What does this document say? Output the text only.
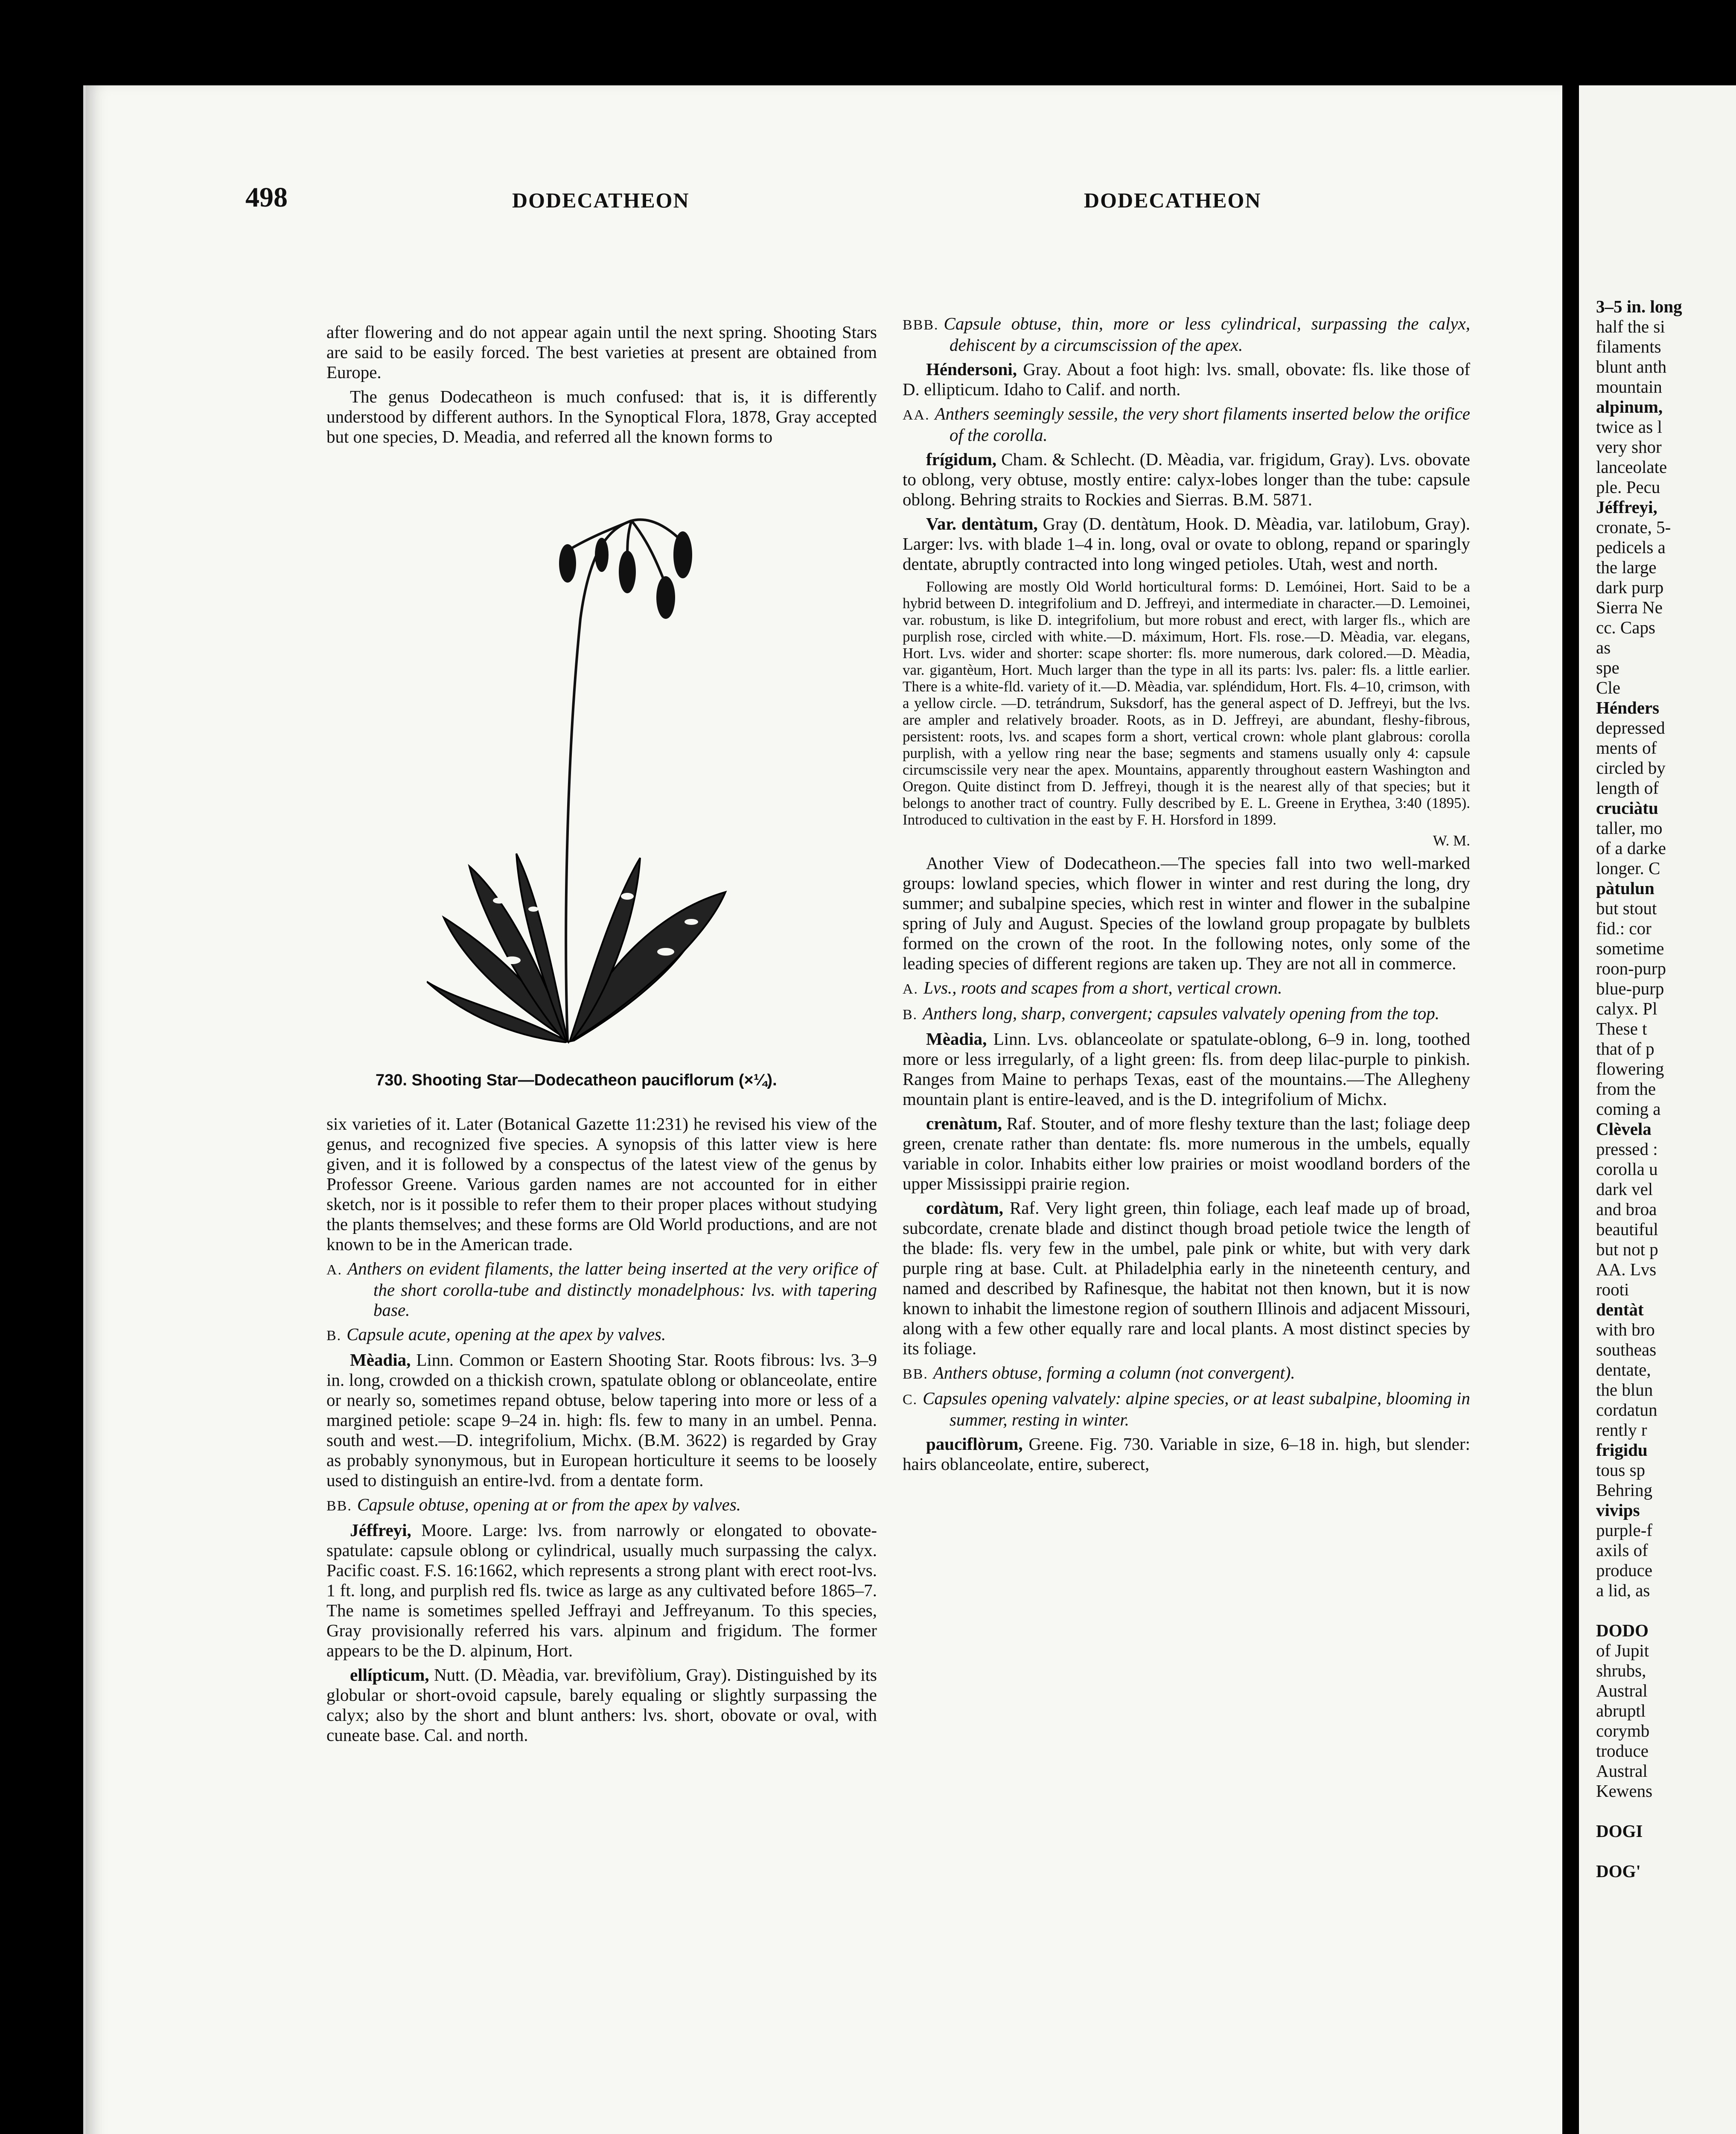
498	DODECATHEON	DODECATHEON

after flowering and do not appear again until the next spring. Shooting Stars are said to be easily forced. The best varieties at present are obtained from Europe.

The genus Dodecatheon is much confused: that is, it is differently understood by different authors. In the Synoptical Flora, 1878, Gray accepted but one species, D. Meadia, and referred all the known forms to

730. Shooting Star—Dodecatheon pauciflorum (×¼).

six varieties of it. Later (Botanical Gazette 11:231) he revised his view of the genus, and recognized five species. A synopsis of this latter view is here given, and it is followed by a conspectus of the latest view of the genus by Professor Greene. Various garden names are not accounted for in either sketch, nor is it possible to refer them to their proper places without studying the plants themselves; and these forms are Old World productions, and are not known to be in the American trade.

A. Anthers on evident filaments, the latter being inserted at the very orifice of the short corolla-tube and distinctly monadelphous: lvs. with tapering base.
B. Capsule acute, opening at the apex by valves.

Mèadia, Linn. Common or Eastern Shooting Star. Roots fibrous: lvs. 3–9 in. long, crowded on a thickish crown, spatulate oblong or oblanceolate, entire or nearly so, sometimes repand obtuse, below tapering into more or less of a margined petiole: scape 9–24 in. high: fls. few to many in an umbel. Penna. south and west.—D. integrifolium, Michx. (B.M. 3622) is regarded by Gray as probably synonymous, but in European horticulture it seems to be loosely used to distinguish an entire-lvd. from a dentate form.

BB. Capsule obtuse, opening at or from the apex by valves.

Jéffreyi, Moore. Large: lvs. from narrowly or elongated to obovate-spatulate: capsule oblong or cylindrical, usually much surpassing the calyx. Pacific coast. F.S. 16:1662, which represents a strong plant with erect root-lvs. 1 ft. long, and purplish red fls. twice as large as any cultivated before 1865–7. The name is sometimes spelled Jeffrayi and Jeffreyanum. To this species, Gray provisionally referred his vars. alpinum and frigidum. The former appears to be the D. alpinum, Hort.

ellípticum, Nutt. (D. Mèadia, var. brevifòlium, Gray). Distinguished by its globular or short-ovoid capsule, barely equaling or slightly surpassing the calyx; also by the short and blunt anthers: lvs. short, obovate or oval, with cuneate base. Cal. and north.

BBB. Capsule obtuse, thin, more or less cylindrical, surpassing the calyx, dehiscent by a circumscission of the apex.

Héndersoni, Gray. About a foot high: lvs. small, obovate: fls. like those of D. ellipticum. Idaho to Calif. and north.

AA. Anthers seemingly sessile, the very short filaments inserted below the orifice of the corolla.

frígidum, Cham. & Schlecht. (D. Mèadia, var. frigidum, Gray). Lvs. obovate to oblong, very obtuse, mostly entire: calyx-lobes longer than the tube: capsule oblong. Behring straits to Rockies and Sierras. B.M. 5871.

Var. dentàtum, Gray (D. dentàtum, Hook. D. Mèadia, var. latilobum, Gray). Larger: lvs. with blade 1–4 in. long, oval or ovate to oblong, repand or sparingly dentate, abruptly contracted into long winged petioles. Utah, west and north.

Following are mostly Old World horticultural forms: D. Lemóinei, Hort. Said to be a hybrid between D. integrifolium and D. Jeffreyi, and intermediate in character.—D. Lemoinei, var. robustum, is like D. integrifolium, but more robust and erect, with larger fls., which are purplish rose, circled with white.—D. máximum, Hort. Fls. rose.—D. Mèadia, var. elegans, Hort. Lvs. wider and shorter: scape shorter: fls. more numerous, dark colored.—D. Mèadia, var. gigantèum, Hort. Much larger than the type in all its parts: lvs. paler: fls. a little earlier. There is a white-fld. variety of it.—D. Mèadia, var. spléndidum, Hort. Fls. 4–10, crimson, with a yellow circle. —D. tetrándrum, Suksdorf, has the general aspect of D. Jeffreyi, but the lvs. are ampler and relatively broader. Roots, as in D. Jeffreyi, are abundant, fleshy-fibrous, persistent: roots, lvs. and scapes form a short, vertical crown: whole plant glabrous: corolla purplish, with a yellow ring near the base; segments and stamens usually only 4: capsule circumscissile very near the apex. Mountains, apparently throughout eastern Washington and Oregon. Quite distinct from D. Jeffreyi, though it is the nearest ally of that species; but it belongs to another tract of country. Fully described by E. L. Greene in Erythea, 3:40 (1895). Introduced to cultivation in the east by F. H. Horsford in 1899.

W. M.

Another View of Dodecatheon.—The species fall into two well-marked groups: lowland species, which flower in winter and rest during the long, dry summer; and subalpine species, which rest in winter and flower in the subalpine spring of July and August. Species of the lowland group propagate by bulblets formed on the crown of the root. In the following notes, only some of the leading species of different regions are taken up. They are not all in commerce.

A. Lvs., roots and scapes from a short, vertical crown.
B. Anthers long, sharp, convergent; capsules valvately opening from the top.

Mèadia, Linn. Lvs. oblanceolate or spatulate-oblong, 6–9 in. long, toothed more or less irregularly, of a light green: fls. from deep lilac-purple to pinkish. Ranges from Maine to perhaps Texas, east of the mountains.—The Allegheny mountain plant is entire-leaved, and is the D. integrifolium of Michx.

crenàtum, Raf. Stouter, and of more fleshy texture than the last; foliage deep green, crenate rather than dentate: fls. more numerous in the umbels, equally variable in color. Inhabits either low prairies or moist woodland borders of the upper Mississippi prairie region.

cordàtum, Raf. Very light green, thin foliage, each leaf made up of broad, subcordate, crenate blade and distinct though broad petiole twice the length of the blade: fls. very few in the umbel, pale pink or white, but with very dark purple ring at base. Cult. at Philadelphia early in the nineteenth century, and named and described by Rafinesque, the habitat not then known, but it is now known to inhabit the limestone region of southern Illinois and adjacent Missouri, along with a few other equally rare and local plants. A most distinct species by its foliage.

BB. Anthers obtuse, forming a column (not convergent).
C. Capsules opening valvately: alpine species, or at least subalpine, blooming in summer, resting in winter.

pauciflòrum, Greene. Fig. 730. Variable in size, 6–18 in. high, but slender: hairs oblanceolate, entire, suberect,

3–5 in. long
half the si
filaments
blunt anth
mountain
alpinum,
twice as l
very shor
lanceolate
ple. Pecu
Jéffreyi,
cronate, 5-
pedicels a
the large
dark purp
Sierra Ne
cc. Caps
as
spe
Cle
Hénders
depressed
ments of
circled by
length of
cruciàtu
taller, mo
of a darke
longer. C
pàtulun
but stout
fid.: cor
sometime
roon-purp
blue-purp
calyx. Pl
These t
that of p
flowering
from the
coming a
Clèvela
pressed :
corolla u
dark vel
and broa
beautiful
but not p
AA. Lvs
rooti
dentàt
with bro
southeas
dentate,
the blun
cordatun
rently r
frigidu
tous sp
Behring
vivips
purple-f
axils of
produce
a lid, as

DODO
of Jupit
shrubs,
Austral
abruptl
corymb
troduce
Austral
Kewens

DOGI

DOG'
